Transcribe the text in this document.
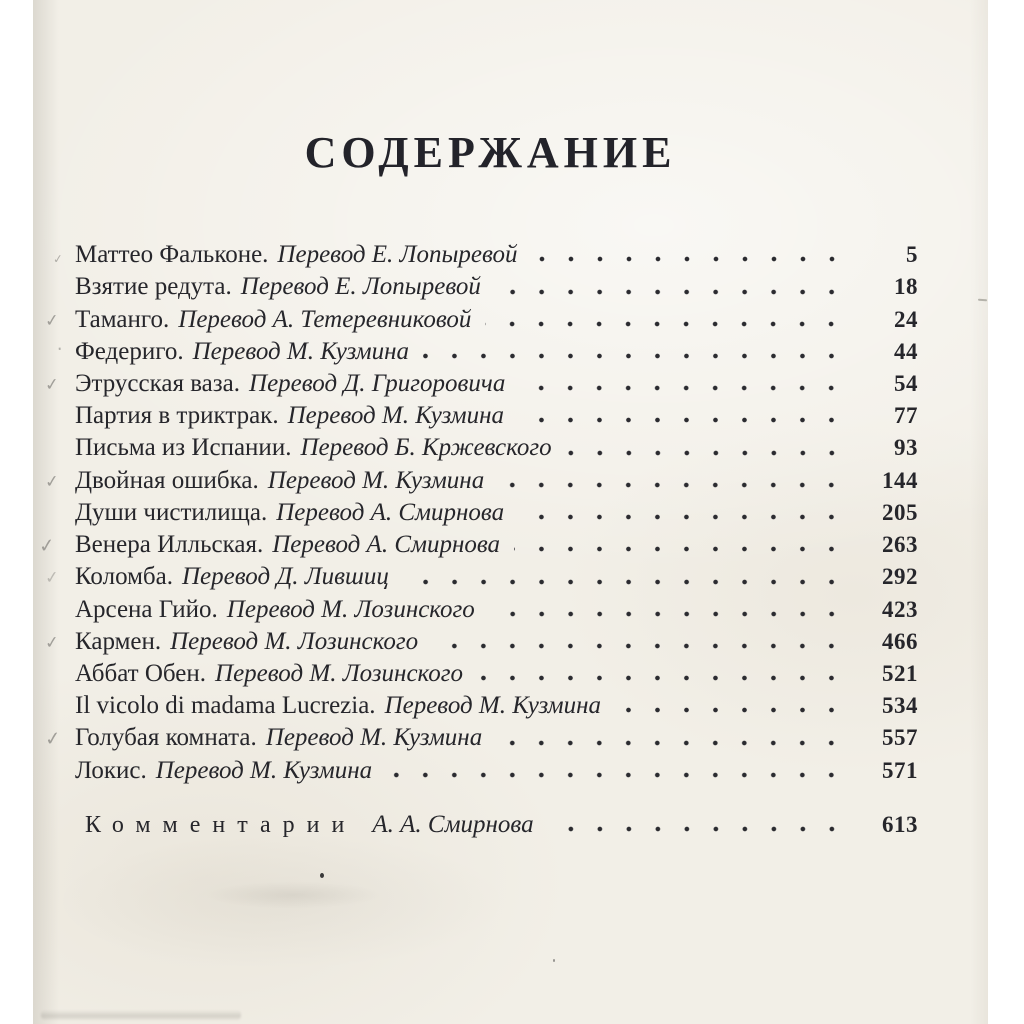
СОДЕРЖАНИЕ
✓ Маттео Фальконе. Перевод Е. Лопыревой	5
Взятие редута. Перевод Е. Лопыревой	18
✓ Таманго. Перевод А. Тетеревниковой	24
· Федериго. Перевод М. Кузмина	44
✓ Этрусская ваза. Перевод Д. Григоровича	54
Партия в триктрак. Перевод М. Кузмина	77
Письма из Испании. Перевод Б. Кржевского	93
✓ Двойная ошибка. Перевод М. Кузмина	144
Души чистилища. Перевод А. Смирнова	205
✓ Венера Илльская. Перевод А. Смирнова	263
✓ Коломба. Перевод Д. Лившиц	292
Арсена Гийо. Перевод М. Лозинского	423
✓ Кармен. Перевод М. Лозинского	466
Аббат Обен. Перевод М. Лозинского	521
Il vicolo di madama Lucrezia. Перевод М. Кузмина	534
✓ Голубая комната. Перевод М. Кузмина	557
Локис. Перевод М. Кузмина	571
Комментарии А. А. Смирнова	613
